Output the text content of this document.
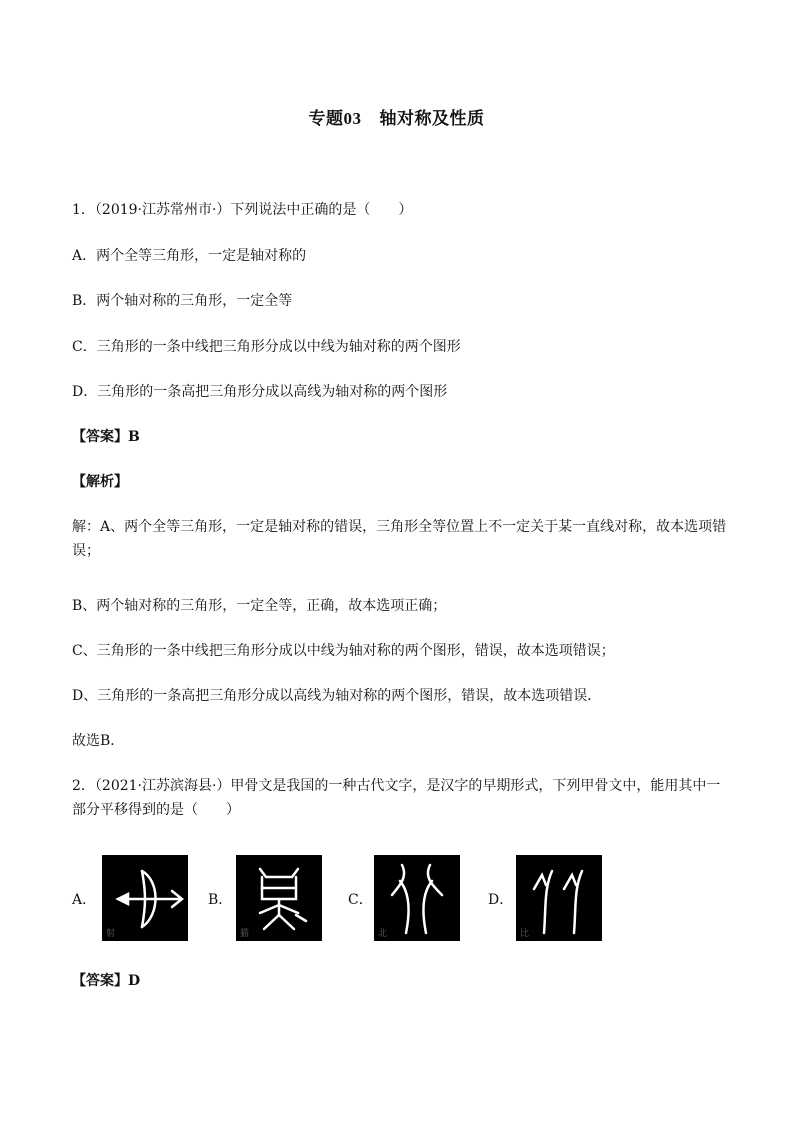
专题03 轴对称及性质
1．（2019·江苏常州市·）下列说法中正确的是（　　）
A．两个全等三角形，一定是轴对称的
B．两个轴对称的三角形，一定全等
C．三角形的一条中线把三角形分成以中线为轴对称的两个图形
D．三角形的一条高把三角形分成以高线为轴对称的两个图形
【答案】B
【解析】
解：A、两个全等三角形，一定是轴对称的错误，三角形全等位置上不一定关于某一直线对称，故本选项错误；
B、两个轴对称的三角形，一定全等，正确，故本选项正确；
C、三角形的一条中线把三角形分成以中线为轴对称的两个图形，错误，故本选项错误；
D、三角形的一条高把三角形分成以高线为轴对称的两个图形，错误，故本选项错误．
故选B．
2．（2021·江苏滨海县·）甲骨文是我国的一种古代文字，是汉字的早期形式，下列甲骨文中，能用其中一部分平移得到的是（　　）
A．
射
B．
猫
C．
北
D．
比
【答案】D
